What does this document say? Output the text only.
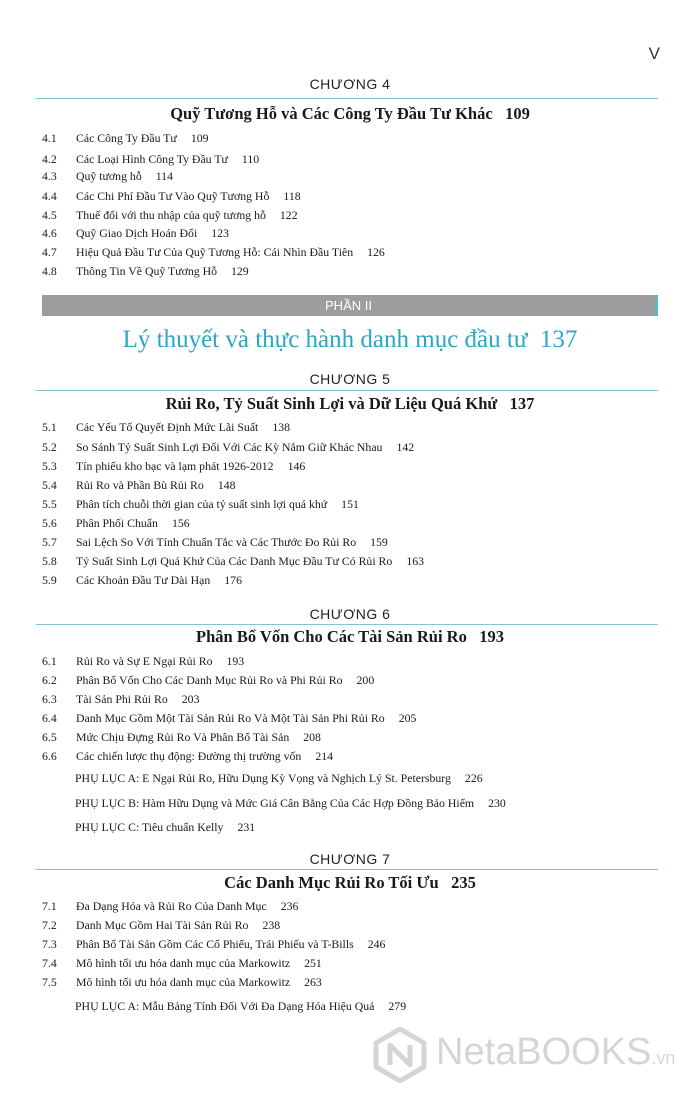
V
CHƯƠNG 4
Quỹ Tương Hỗ và Các Công Ty Đầu Tư Khác 109
4.1 Các Công Ty Đầu Tư 109
4.2 Các Loại Hình Công Ty Đầu Tư 110
4.3 Quỹ tương hỗ 114
4.4 Các Chi Phí Đầu Tư Vào Quỹ Tương Hỗ 118
4.5 Thuế đối với thu nhập của quỹ tương hỗ 122
4.6 Quỹ Giao Dịch Hoán Đổi 123
4.7 Hiệu Quả Đầu Tư Của Quỹ Tương Hỗ: Cái Nhìn Đầu Tiên 126
4.8 Thông Tin Về Quỹ Tương Hỗ 129
PHẦN II
Lý thuyết và thực hành danh mục đầu tư 137
CHƯƠNG 5
Rủi Ro, Tỷ Suất Sinh Lợi và Dữ Liệu Quá Khứ 137
5.1 Các Yếu Tố Quyết Định Mức Lãi Suất 138
5.2 So Sánh Tỷ Suất Sinh Lợi Đối Với Các Kỳ Nắm Giữ Khác Nhau 142
5.3 Tín phiếu kho bạc và lạm phát 1926-2012 146
5.4 Rủi Ro và Phần Bù Rủi Ro 148
5.5 Phân tích chuỗi thời gian của tỷ suất sinh lợi quá khứ 151
5.6 Phân Phối Chuẩn 156
5.7 Sai Lệch So Với Tính Chuẩn Tắc và Các Thước Đo Rủi Ro 159
5.8 Tỷ Suất Sinh Lợi Quá Khứ Của Các Danh Mục Đầu Tư Có Rủi Ro 163
5.9 Các Khoản Đầu Tư Dài Hạn 176
CHƯƠNG 6
Phân Bổ Vốn Cho Các Tài Sản Rủi Ro 193
6.1 Rủi Ro và Sự E Ngại Rủi Ro 193
6.2 Phân Bổ Vốn Cho Các Danh Mục Rủi Ro và Phi Rủi Ro 200
6.3 Tài Sản Phi Rủi Ro 203
6.4 Danh Mục Gồm Một Tài Sản Rủi Ro Và Một Tài Sản Phi Rủi Ro 205
6.5 Mức Chịu Đựng Rủi Ro Và Phân Bổ Tài Sản 208
6.6 Các chiến lược thụ động: Đường thị trường vốn 214
PHỤ LỤC A: E Ngại Rủi Ro, Hữu Dụng Kỳ Vọng và Nghịch Lý St. Petersburg 226
PHỤ LỤC B: Hàm Hữu Dụng và Mức Giá Cân Bằng Của Các Hợp Đồng Bảo Hiểm 230
PHỤ LỤC C: Tiêu chuẩn Kelly 231
CHƯƠNG 7
Các Danh Mục Rủi Ro Tối Ưu 235
7.1 Đa Dạng Hóa và Rủi Ro Của Danh Mục 236
7.2 Danh Mục Gồm Hai Tài Sản Rủi Ro 238
7.3 Phân Bổ Tài Sản Gồm Các Cổ Phiếu, Trái Phiếu và T-Bills 246
7.4 Mô hình tối ưu hóa danh mục của Markowitz 251
7.5 Mô hình tối ưu hóa danh mục của Markowitz 263
PHỤ LỤC A: Mẫu Bảng Tính Đối Với Đa Dạng Hóa Hiệu Quả 279
NetaBOOKS.vn
